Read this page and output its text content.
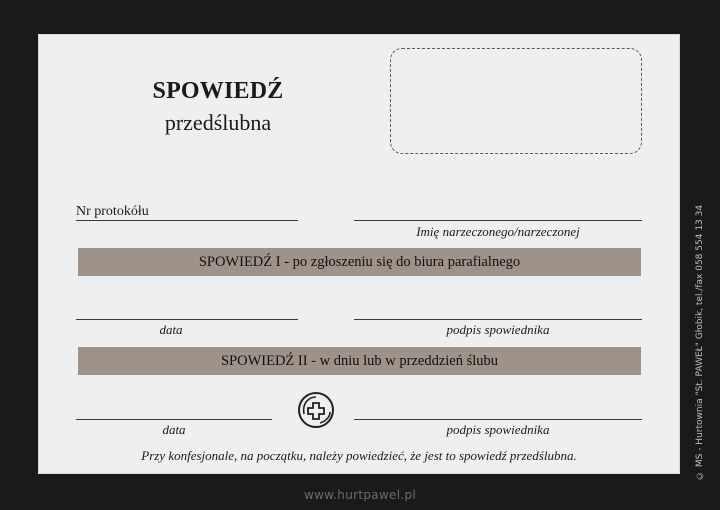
SPOWIEDŹ
przedślubna
Nr protokółu
Imię narzeczonego/narzeczonej
SPOWIEDŹ I - po zgłoszeniu się do biura parafialnego
data	podpis spowiednika
SPOWIEDŹ II - w dniu lub w przeddzień ślubu
data	podpis spowiednika
Przy konfesjonale, na początku, należy powiedzieć, że jest to spowiedź przedślubna.	© MS - Hurtownia "St. PAWEŁ" Głobik, tel./fax 058 554 13 34
www.hurtpawel.pl
